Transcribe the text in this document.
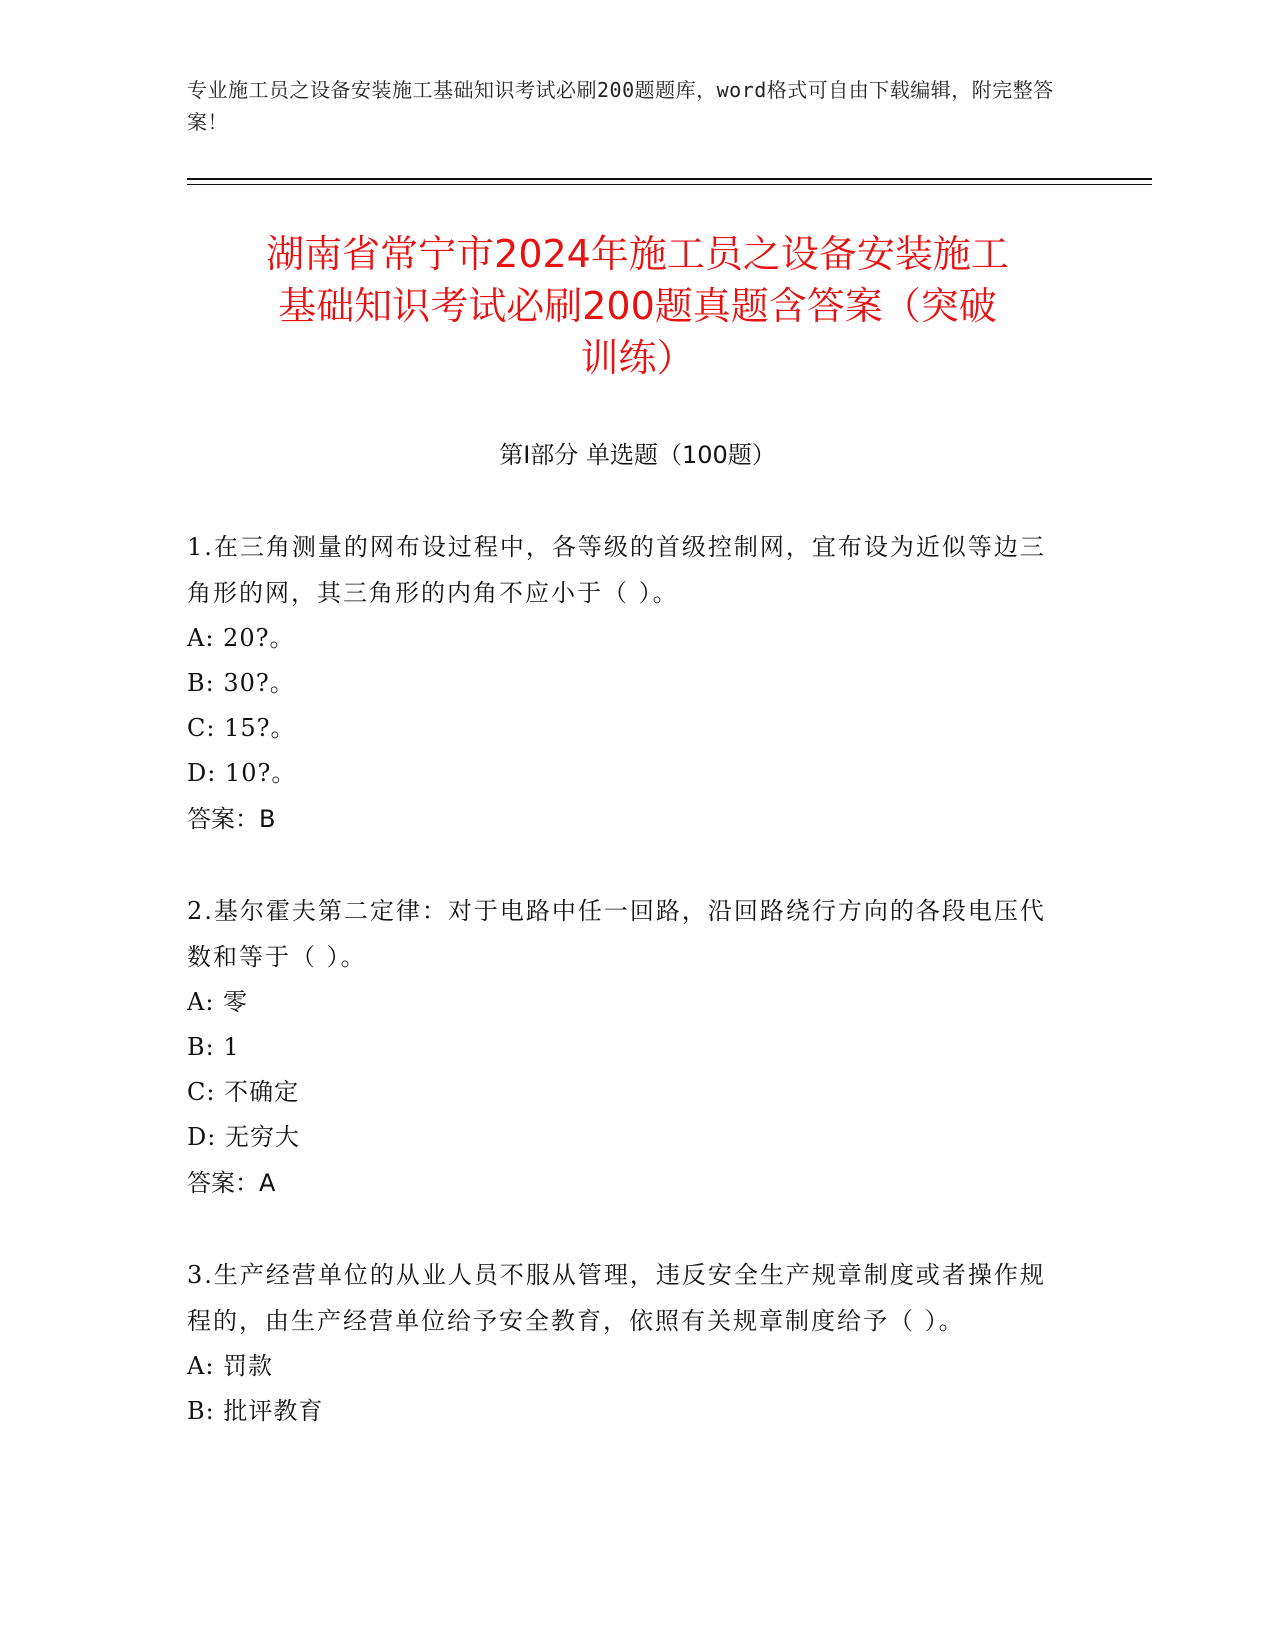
专业施工员之设备安装施工基础知识考试必刷200题题库，word格式可自由下载编辑，附完整答案！
湖南省常宁市2024年施工员之设备安装施工
基础知识考试必刷200题真题含答案（突破
训练）
第Ⅰ部分 单选题（100题）
1.在三角测量的网布设过程中，各等级的首级控制网，宜布设为近似等边三角形的网，其三角形的内角不应小于（ ）。
A: 20?。
B: 30?。
C: 15?。
D: 10?。
答案：B
2.基尔霍夫第二定律：对于电路中任一回路，沿回路绕行方向的各段电压代数和等于（ ）。
A: 零
B: 1
C: 不确定
D: 无穷大
答案：A
3.生产经营单位的从业人员不服从管理，违反安全生产规章制度或者操作规程的，由生产经营单位给予安全教育，依照有关规章制度给予（ ）。
A: 罚款
B: 批评教育
